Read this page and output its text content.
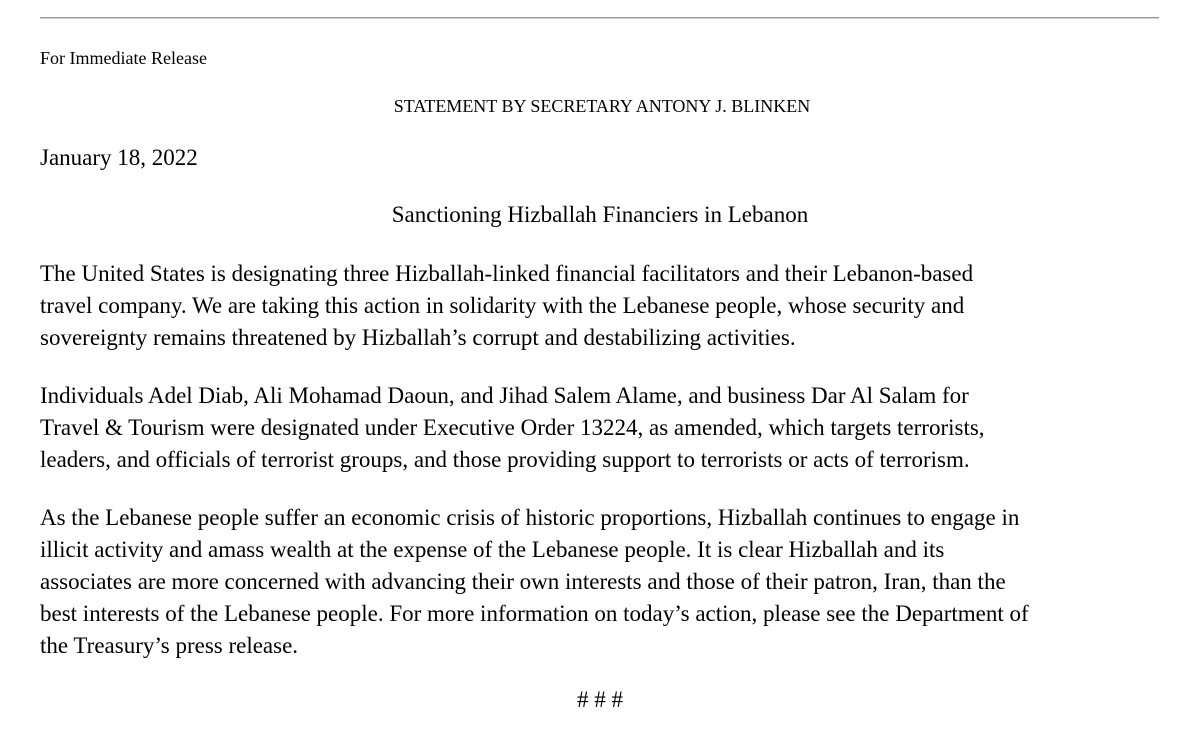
For Immediate Release
STATEMENT BY SECRETARY ANTONY J. BLINKEN
January 18, 2022
Sanctioning Hizballah Financiers in Lebanon

The United States is designating three Hizballah-linked financial facilitators and their Lebanon-based
travel company. We are taking this action in solidarity with the Lebanese people, whose security and
sovereignty remains threatened by Hizballah’s corrupt and destabilizing activities.

Individuals Adel Diab, Ali Mohamad Daoun, and Jihad Salem Alame, and business Dar Al Salam for
Travel & Tourism were designated under Executive Order 13224, as amended, which targets terrorists,
leaders, and officials of terrorist groups, and those providing support to terrorists or acts of terrorism.

As the Lebanese people suffer an economic crisis of historic proportions, Hizballah continues to engage in
illicit activity and amass wealth at the expense of the Lebanese people. It is clear Hizballah and its
associates are more concerned with advancing their own interests and those of their patron, Iran, than the
best interests of the Lebanese people. For more information on today’s action, please see the Department of
the Treasury’s press release.

# # #
